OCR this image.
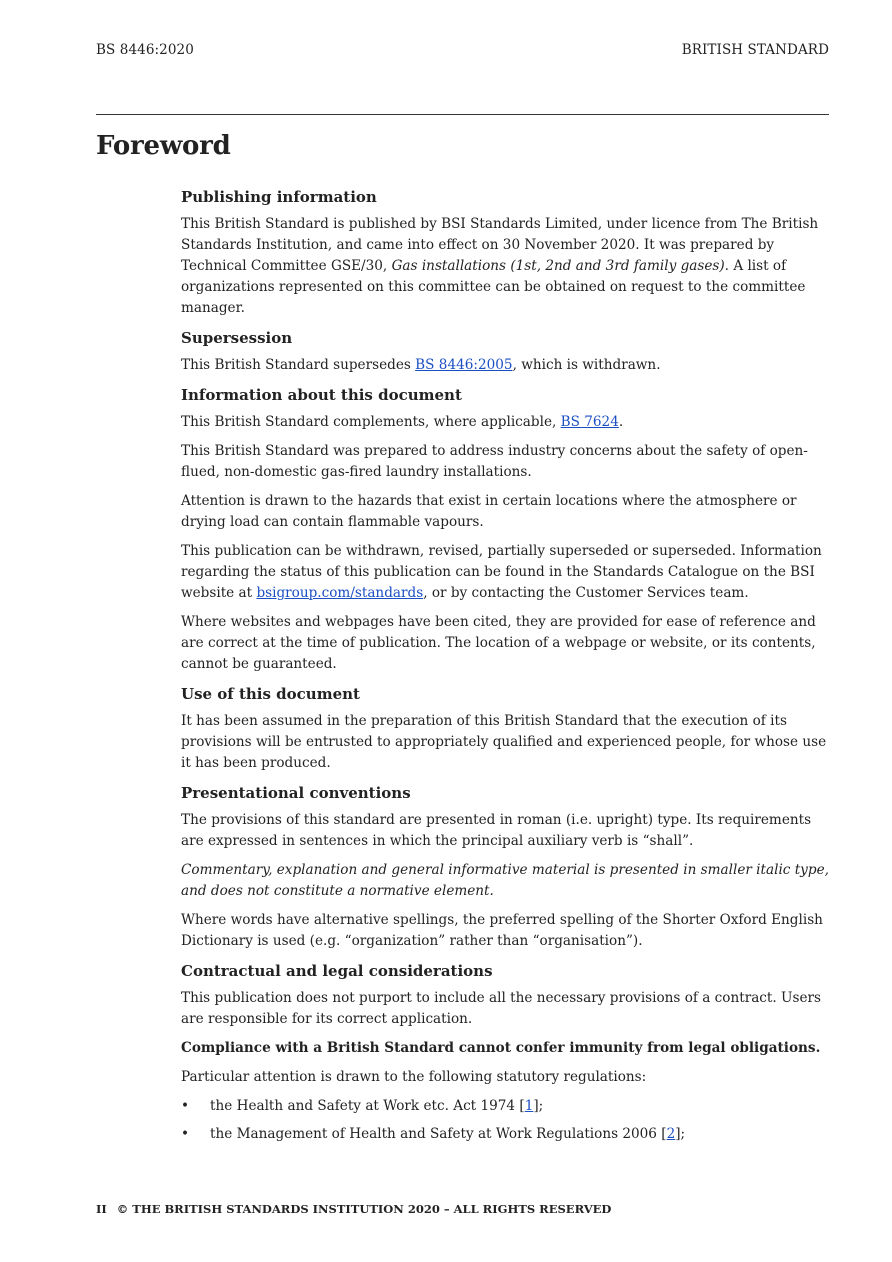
BS 8446:2020	BRITISH STANDARD
Foreword
Publishing information

This British Standard is published by BSI Standards Limited, under licence from The British Standards Institution, and came into effect on 30 November 2020. It was prepared by Technical Committee GSE/30, Gas installations (1st, 2nd and 3rd family gases). A list of organizations represented on this committee can be obtained on request to the committee manager.

Supersession

This British Standard supersedes BS 8446:2005, which is withdrawn.

Information about this document

This British Standard complements, where applicable, BS 7624.

This British Standard was prepared to address industry concerns about the safety of open-flued, non-domestic gas-fired laundry installations.

Attention is drawn to the hazards that exist in certain locations where the atmosphere or drying load can contain flammable vapours.

This publication can be withdrawn, revised, partially superseded or superseded. Information regarding the status of this publication can be found in the Standards Catalogue on the BSI website at bsigroup.com/standards, or by contacting the Customer Services team.

Where websites and webpages have been cited, they are provided for ease of reference and are correct at the time of publication. The location of a webpage or website, or its contents, cannot be guaranteed.

Use of this document

It has been assumed in the preparation of this British Standard that the execution of its provisions will be entrusted to appropriately qualified and experienced people, for whose use it has been produced.

Presentational conventions

The provisions of this standard are presented in roman (i.e. upright) type. Its requirements are expressed in sentences in which the principal auxiliary verb is “shall”.

Commentary, explanation and general informative material is presented in smaller italic type, and does not constitute a normative element.

Where words have alternative spellings, the preferred spelling of the Shorter Oxford English Dictionary is used (e.g. “organization” rather than “organisation”).

Contractual and legal considerations

This publication does not purport to include all the necessary provisions of a contract. Users are responsible for its correct application.

Compliance with a British Standard cannot confer immunity from legal obligations.

Particular attention is drawn to the following statutory regulations:

• the Health and Safety at Work etc. Act 1974 [1];
• the Management of Health and Safety at Work Regulations 2006 [2];
II © THE BRITISH STANDARDS INSTITUTION 2020 – ALL RIGHTS RESERVED
